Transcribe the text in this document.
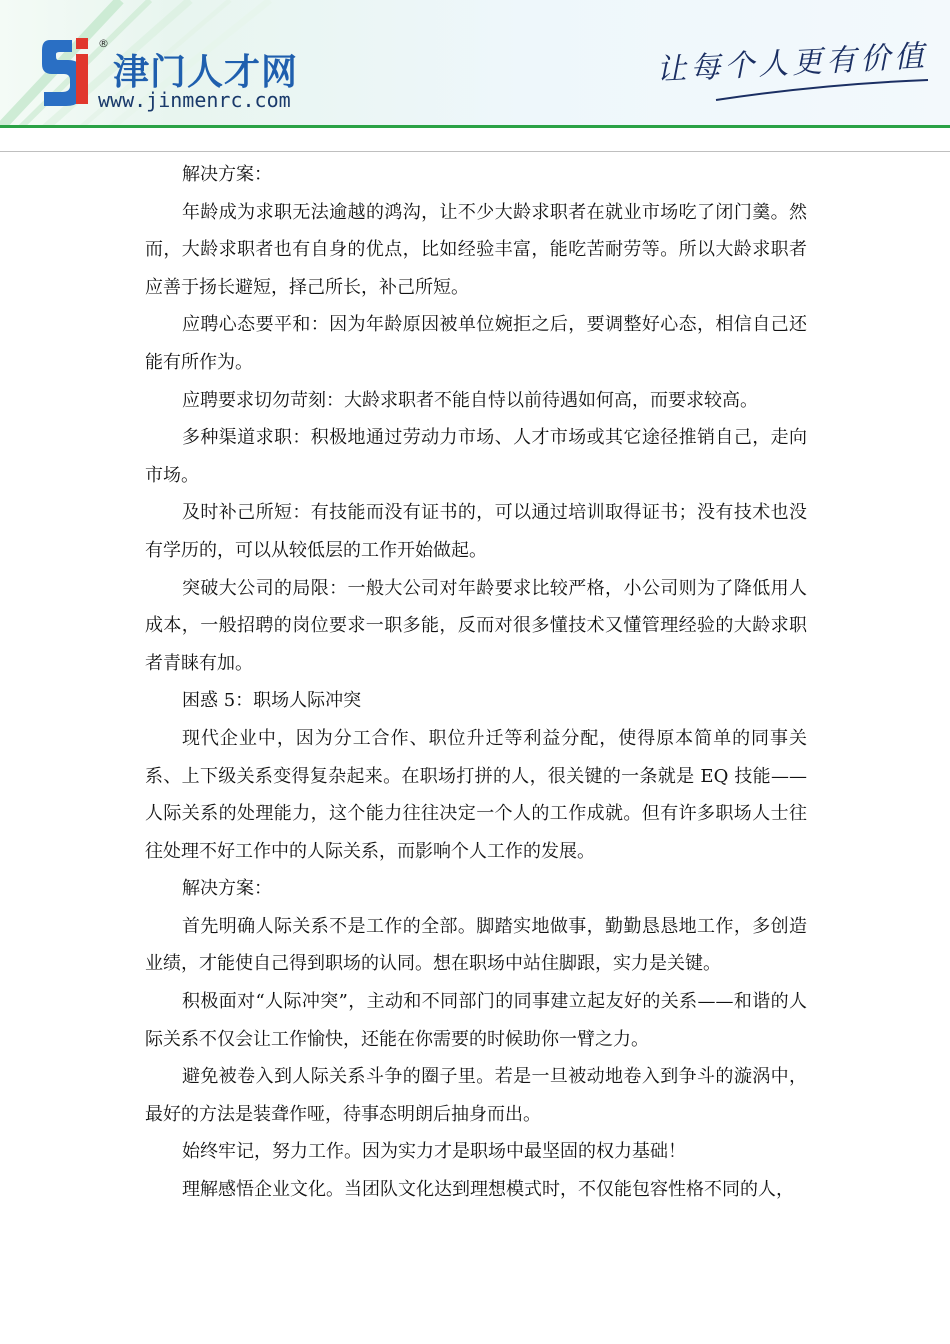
®
津门人才网
www.jinmenrc.com
让每个人更有价值

解决方案：

年龄成为求职无法逾越的鸿沟，让不少大龄求职者在就业市场吃了闭门羹。然而，大龄求职者也有自身的优点，比如经验丰富，能吃苦耐劳等。所以大龄求职者应善于扬长避短，择己所长，补己所短。

应聘心态要平和：因为年龄原因被单位婉拒之后，要调整好心态，相信自己还能有所作为。

应聘要求切勿苛刻：大龄求职者不能自恃以前待遇如何高，而要求较高。

多种渠道求职：积极地通过劳动力市场、人才市场或其它途径推销自己，走向市场。

及时补己所短：有技能而没有证书的，可以通过培训取得证书；没有技术也没有学历的，可以从较低层的工作开始做起。

突破大公司的局限：一般大公司对年龄要求比较严格，小公司则为了降低用人成本，一般招聘的岗位要求一职多能，反而对很多懂技术又懂管理经验的大龄求职者青睐有加。

困惑 5：职场人际冲突

现代企业中，因为分工合作、职位升迁等利益分配，使得原本简单的同事关系、上下级关系变得复杂起来。在职场打拼的人，很关键的一条就是 EQ 技能——人际关系的处理能力，这个能力往往决定一个人的工作成就。但有许多职场人士往往处理不好工作中的人际关系，而影响个人工作的发展。

解决方案：

首先明确人际关系不是工作的全部。脚踏实地做事，勤勤恳恳地工作，多创造业绩，才能使自己得到职场的认同。想在职场中站住脚跟，实力是关键。

积极面对“人际冲突”，主动和不同部门的同事建立起友好的关系——和谐的人际关系不仅会让工作愉快，还能在你需要的时候助你一臂之力。

避免被卷入到人际关系斗争的圈子里。若是一旦被动地卷入到争斗的漩涡中，最好的方法是装聋作哑，待事态明朗后抽身而出。

始终牢记，努力工作。因为实力才是职场中最坚固的权力基础！

理解感悟企业文化。当团队文化达到理想模式时，不仅能包容性格不同的人，
